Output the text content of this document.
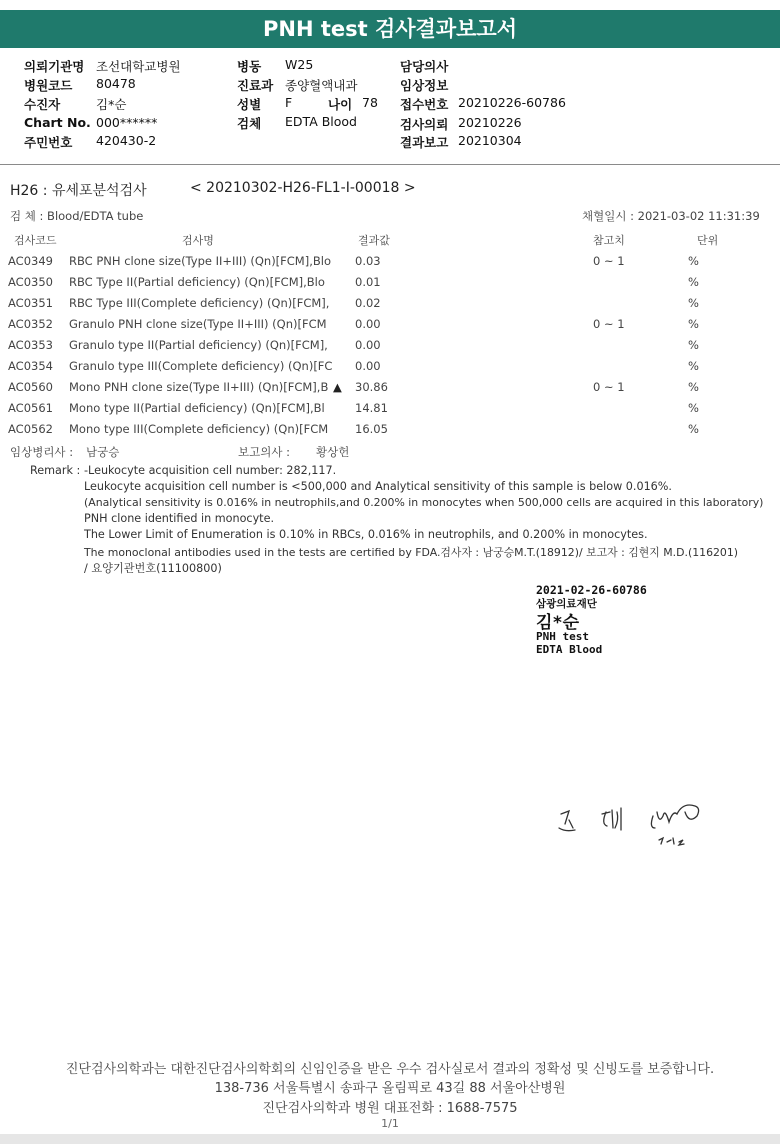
PNH test 검사결과보고서
의뢰기관명 조선대학교병원
병원코드 80478
수진자	김*순
Chart No. 000******
주민번호 420430-2
병동 W25
진료과 종양혈액내과
성별 F	나이 78
검체 EDTA Blood
담당의사
임상정보
접수번호 20210226-60786
검사의뢰 20210226
결과보고 20210304
H26 : 유세포분석검사	< 20210302-H26-FL1-I-00018 >
검 체 : Blood/EDTA tube	채혈일시 : 2021-03-02 11:31:39
검사코드	검사명	결과값	참고치	단위
AC0349 RBC PNH clone size(Type II+III) (Qn)[FCM],Blo 0.03	0 ~ 1	%
AC0350 RBC Type II(Partial deficiency) (Qn)[FCM],Blo	0.01	%
AC0351 RBC Type III(Complete deficiency) (Qn)[FCM], 0.02	%
AC0352 Granulo PNH clone size(Type II+III) (Qn)[FCM 0.00	0 ~ 1	%
AC0353 Granulo type II(Partial deficiency) (Qn)[FCM], 0.00	%
AC0354 Granulo type III(Complete deficiency) (Qn)[FC 0.00	%
AC0560 Mono PNH clone size(Type II+III) (Qn)[FCM],B ▲ 30.86	0 ~ 1	%
AC0561 Mono type II(Partial deficiency) (Qn)[FCM],Bl	14.81	%
AC0562 Mono type III(Complete deficiency) (Qn)[FCM 16.05	%
임상병리사 : 남궁승	보고의사 : 황상헌
Remark : -Leukocyte acquisition cell number: 282,117.
Leukocyte acquisition cell number is <500,000 and Analytical sensitivity of this sample is below 0.016%.
(Analytical sensitivity is 0.016% in neutrophils,and 0.200% in monocytes when 500,000 cells are acquired in this laboratory)
PNH clone identified in monocyte.
The Lower Limit of Enumeration is 0.10% in RBCs, 0.016% in neutrophils, and 0.200% in monocytes.
The monoclonal antibodies used in the tests are certified by FDA.검사자 : 남궁승M.T.(18912)/ 보고자 : 김현지 M.D.(116201)
/ 요양기관번호(11100800)
2021-02-26-60786
삼광의료재단
김*순
PNH test
EDTA Blood
진단검사의학과는 대한진단검사의학회의 신임인증을 받은 우수 검사실로서 결과의 정확성 및 신빙도를 보증합니다.
138-736 서울특별시 송파구 올림픽로 43길 88 서울아산병원
진단검사의학과 병원 대표전화 : 1688-7575
1/1
